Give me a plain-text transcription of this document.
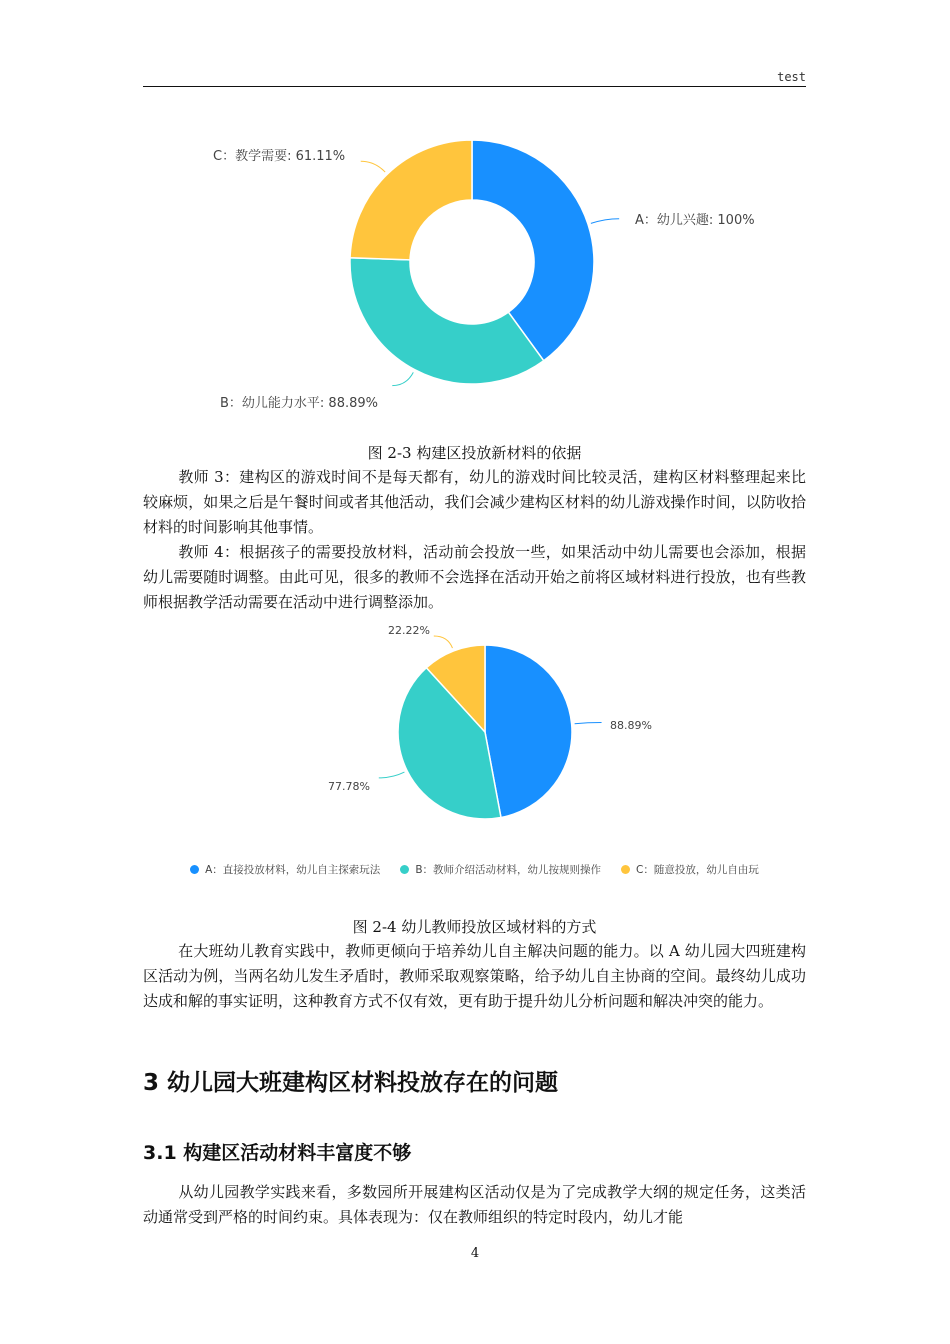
test
A：幼儿兴趣: 100%
B：幼儿能力水平: 88.89%
C：教学需要: 61.11%
图 2-3 构建区投放新材料的依据

教师 3：建构区的游戏时间不是每天都有，幼儿的游戏时间比较灵活，建构区材料整理起来比较麻烦，如果之后是午餐时间或者其他活动，我们会减少建构区材料的幼儿游戏操作时间，以防收拾材料的时间影响其他事情。

教师 4：根据孩子的需要投放材料，活动前会投放一些，如果活动中幼儿需要也会添加，根据幼儿需要随时调整。由此可见，很多的教师不会选择在活动开始之前将区域材料进行投放，也有些教师根据教学活动需要在活动中进行调整添加。

88.89%
77.78%
22.22%
A：直接投放材料，幼儿自主探索玩法	B：教师介绍活动材料，幼儿按规则操作	C：随意投放，幼儿自由玩
图 2-4 幼儿教师投放区域材料的方式

在大班幼儿教育实践中，教师更倾向于培养幼儿自主解决问题的能力。以 A 幼儿园大四班建构区活动为例，当两名幼儿发生矛盾时，教师采取观察策略，给予幼儿自主协商的空间。最终幼儿成功达成和解的事实证明，这种教育方式不仅有效，更有助于提升幼儿分析问题和解决冲突的能力。

3 幼儿园大班建构区材料投放存在的问题
3.1 构建区活动材料丰富度不够

从幼儿园教学实践来看，多数园所开展建构区活动仅是为了完成教学大纲的规定任务，这类活动通常受到严格的时间约束。具体表现为：仅在教师组织的特定时段内，幼儿才能

4
